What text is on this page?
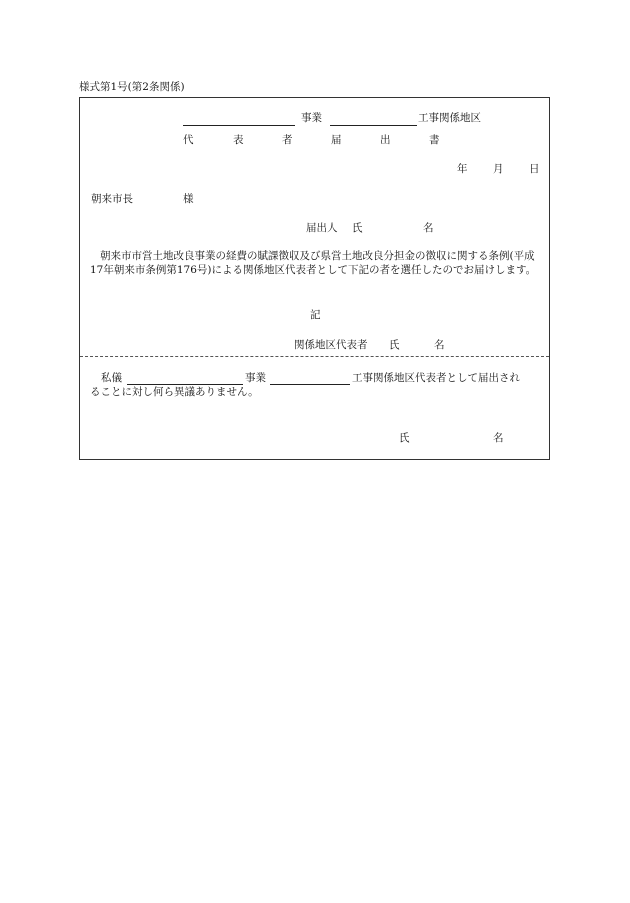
様式第1号(第2条関係)
事業	工事関係地区
代	表	者	届	出	書
年 月 日
朝来市長	様
届出人 氏	名
朝来市市営土地改良事業の経費の賦課徴収及び県営土地改良分担金の徴収に関する条例(平成17年朝来市条例第176号)による関係地区代表者として下記の者を選任したのでお届けします。
記
関係地区代表者 氏	名
私儀	事業	工事関係地区代表者として届出され
ることに対し何ら異議ありません。
氏	名
